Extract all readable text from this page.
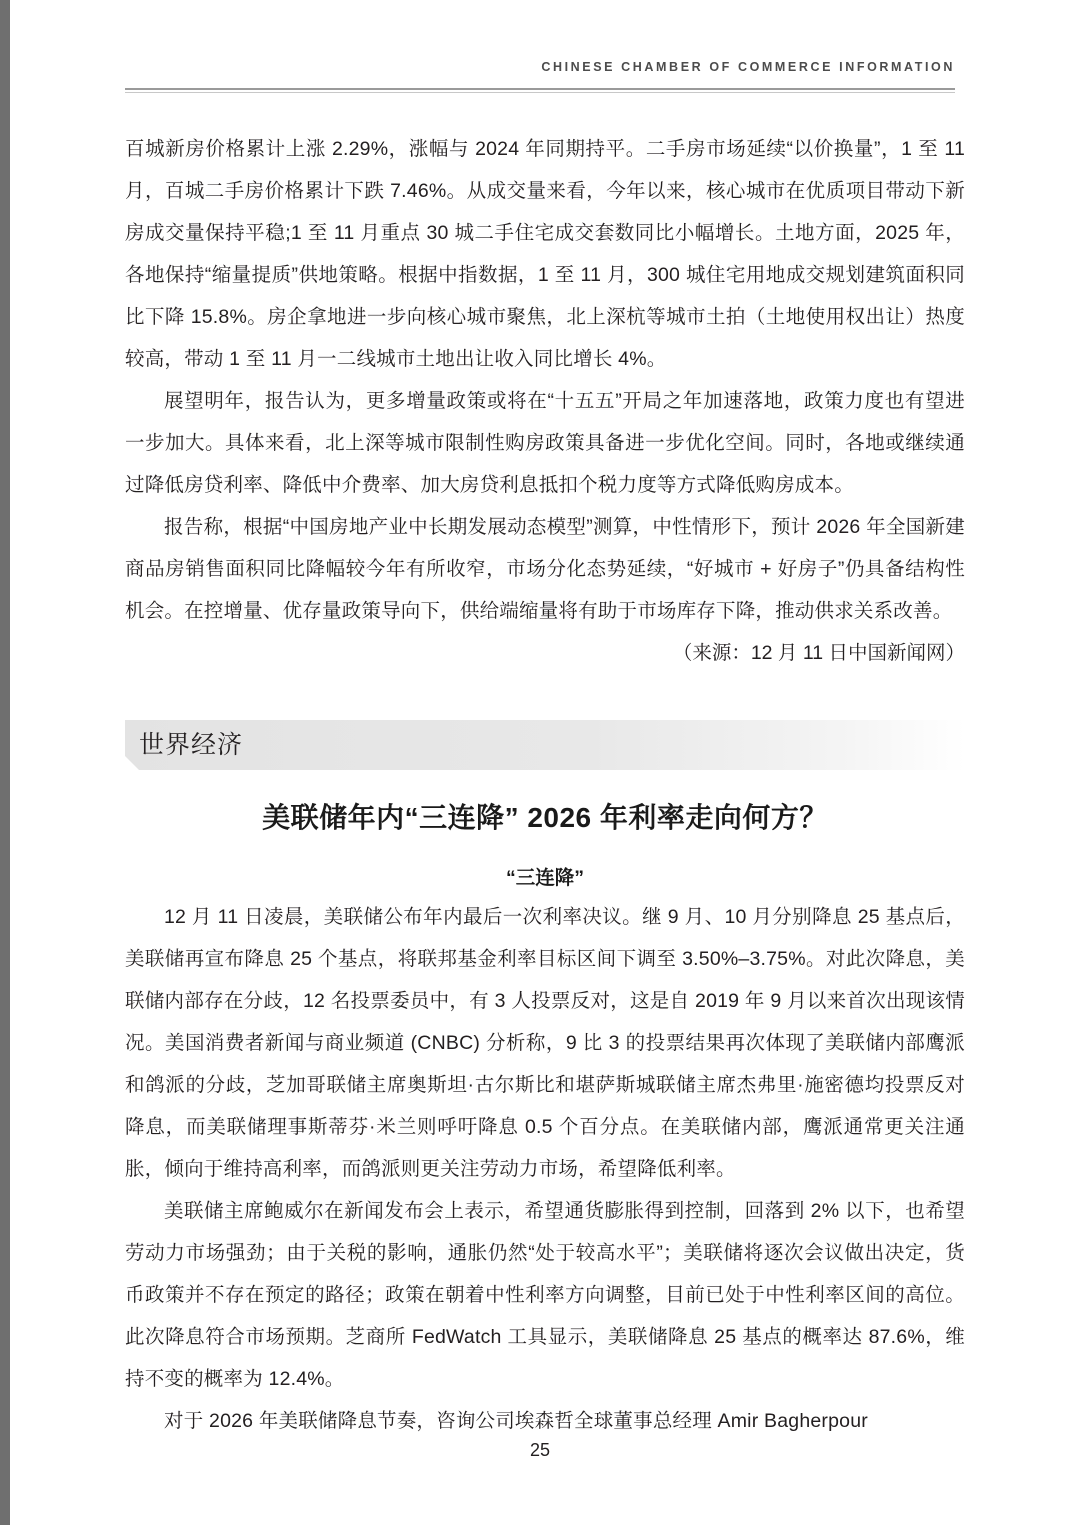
CHINESE CHAMBER OF COMMERCE INFORMATION

百城新房价格累计上涨 2.29%，涨幅与 2024 年同期持平。二手房市场延续“以价换量”，1 至 11 月，百城二手房价格累计下跌 7.46%。从成交量来看，今年以来，核心城市在优质项目带动下新房成交量保持平稳;1 至 11 月重点 30 城二手住宅成交套数同比小幅增长。土地方面，2025 年，各地保持“缩量提质”供地策略。根据中指数据，1 至 11 月，300 城住宅用地成交规划建筑面积同比下降 15.8%。房企拿地进一步向核心城市聚焦，北上深杭等城市土拍（土地使用权出让）热度较高，带动 1 至 11 月一二线城市土地出让收入同比增长 4%。

展望明年，报告认为，更多增量政策或将在“十五五”开局之年加速落地，政策力度也有望进一步加大。具体来看，北上深等城市限制性购房政策具备进一步优化空间。同时，各地或继续通过降低房贷利率、降低中介费率、加大房贷利息抵扣个税力度等方式降低购房成本。

报告称，根据“中国房地产业中长期发展动态模型”测算，中性情形下，预计 2026 年全国新建商品房销售面积同比降幅较今年有所收窄，市场分化态势延续，“好城市 + 好房子”仍具备结构性机会。在控增量、优存量政策导向下，供给端缩量将有助于市场库存下降，推动供求关系改善。

（来源：12 月 11 日中国新闻网）

世界经济
美联储年内“三连降” 2026 年利率走向何方？
“三连降”

12 月 11 日凌晨，美联储公布年内最后一次利率决议。继 9 月、10 月分别降息 25 基点后，美联储再宣布降息 25 个基点，将联邦基金利率目标区间下调至 3.50%–3.75%。对此次降息，美联储内部存在分歧，12 名投票委员中，有 3 人投票反对，这是自 2019 年 9 月以来首次出现该情况。美国消费者新闻与商业频道 (CNBC) 分析称，9 比 3 的投票结果再次体现了美联储内部鹰派和鸽派的分歧，芝加哥联储主席奥斯坦·古尔斯比和堪萨斯城联储主席杰弗里·施密德均投票反对降息，而美联储理事斯蒂芬·米兰则呼吁降息 0.5 个百分点。在美联储内部，鹰派通常更关注通胀，倾向于维持高利率，而鸽派则更关注劳动力市场，希望降低利率。

美联储主席鲍威尔在新闻发布会上表示，希望通货膨胀得到控制，回落到 2% 以下，也希望劳动力市场强劲；由于关税的影响，通胀仍然“处于较高水平”；美联储将逐次会议做出决定，货币政策并不存在预定的路径；政策在朝着中性利率方向调整，目前已处于中性利率区间的高位。此次降息符合市场预期。芝商所 FedWatch 工具显示，美联储降息 25 基点的概率达 87.6%，维持不变的概率为 12.4%。

对于 2026 年美联储降息节奏，咨询公司埃森哲全球董事总经理 Amir Bagherpour

25
